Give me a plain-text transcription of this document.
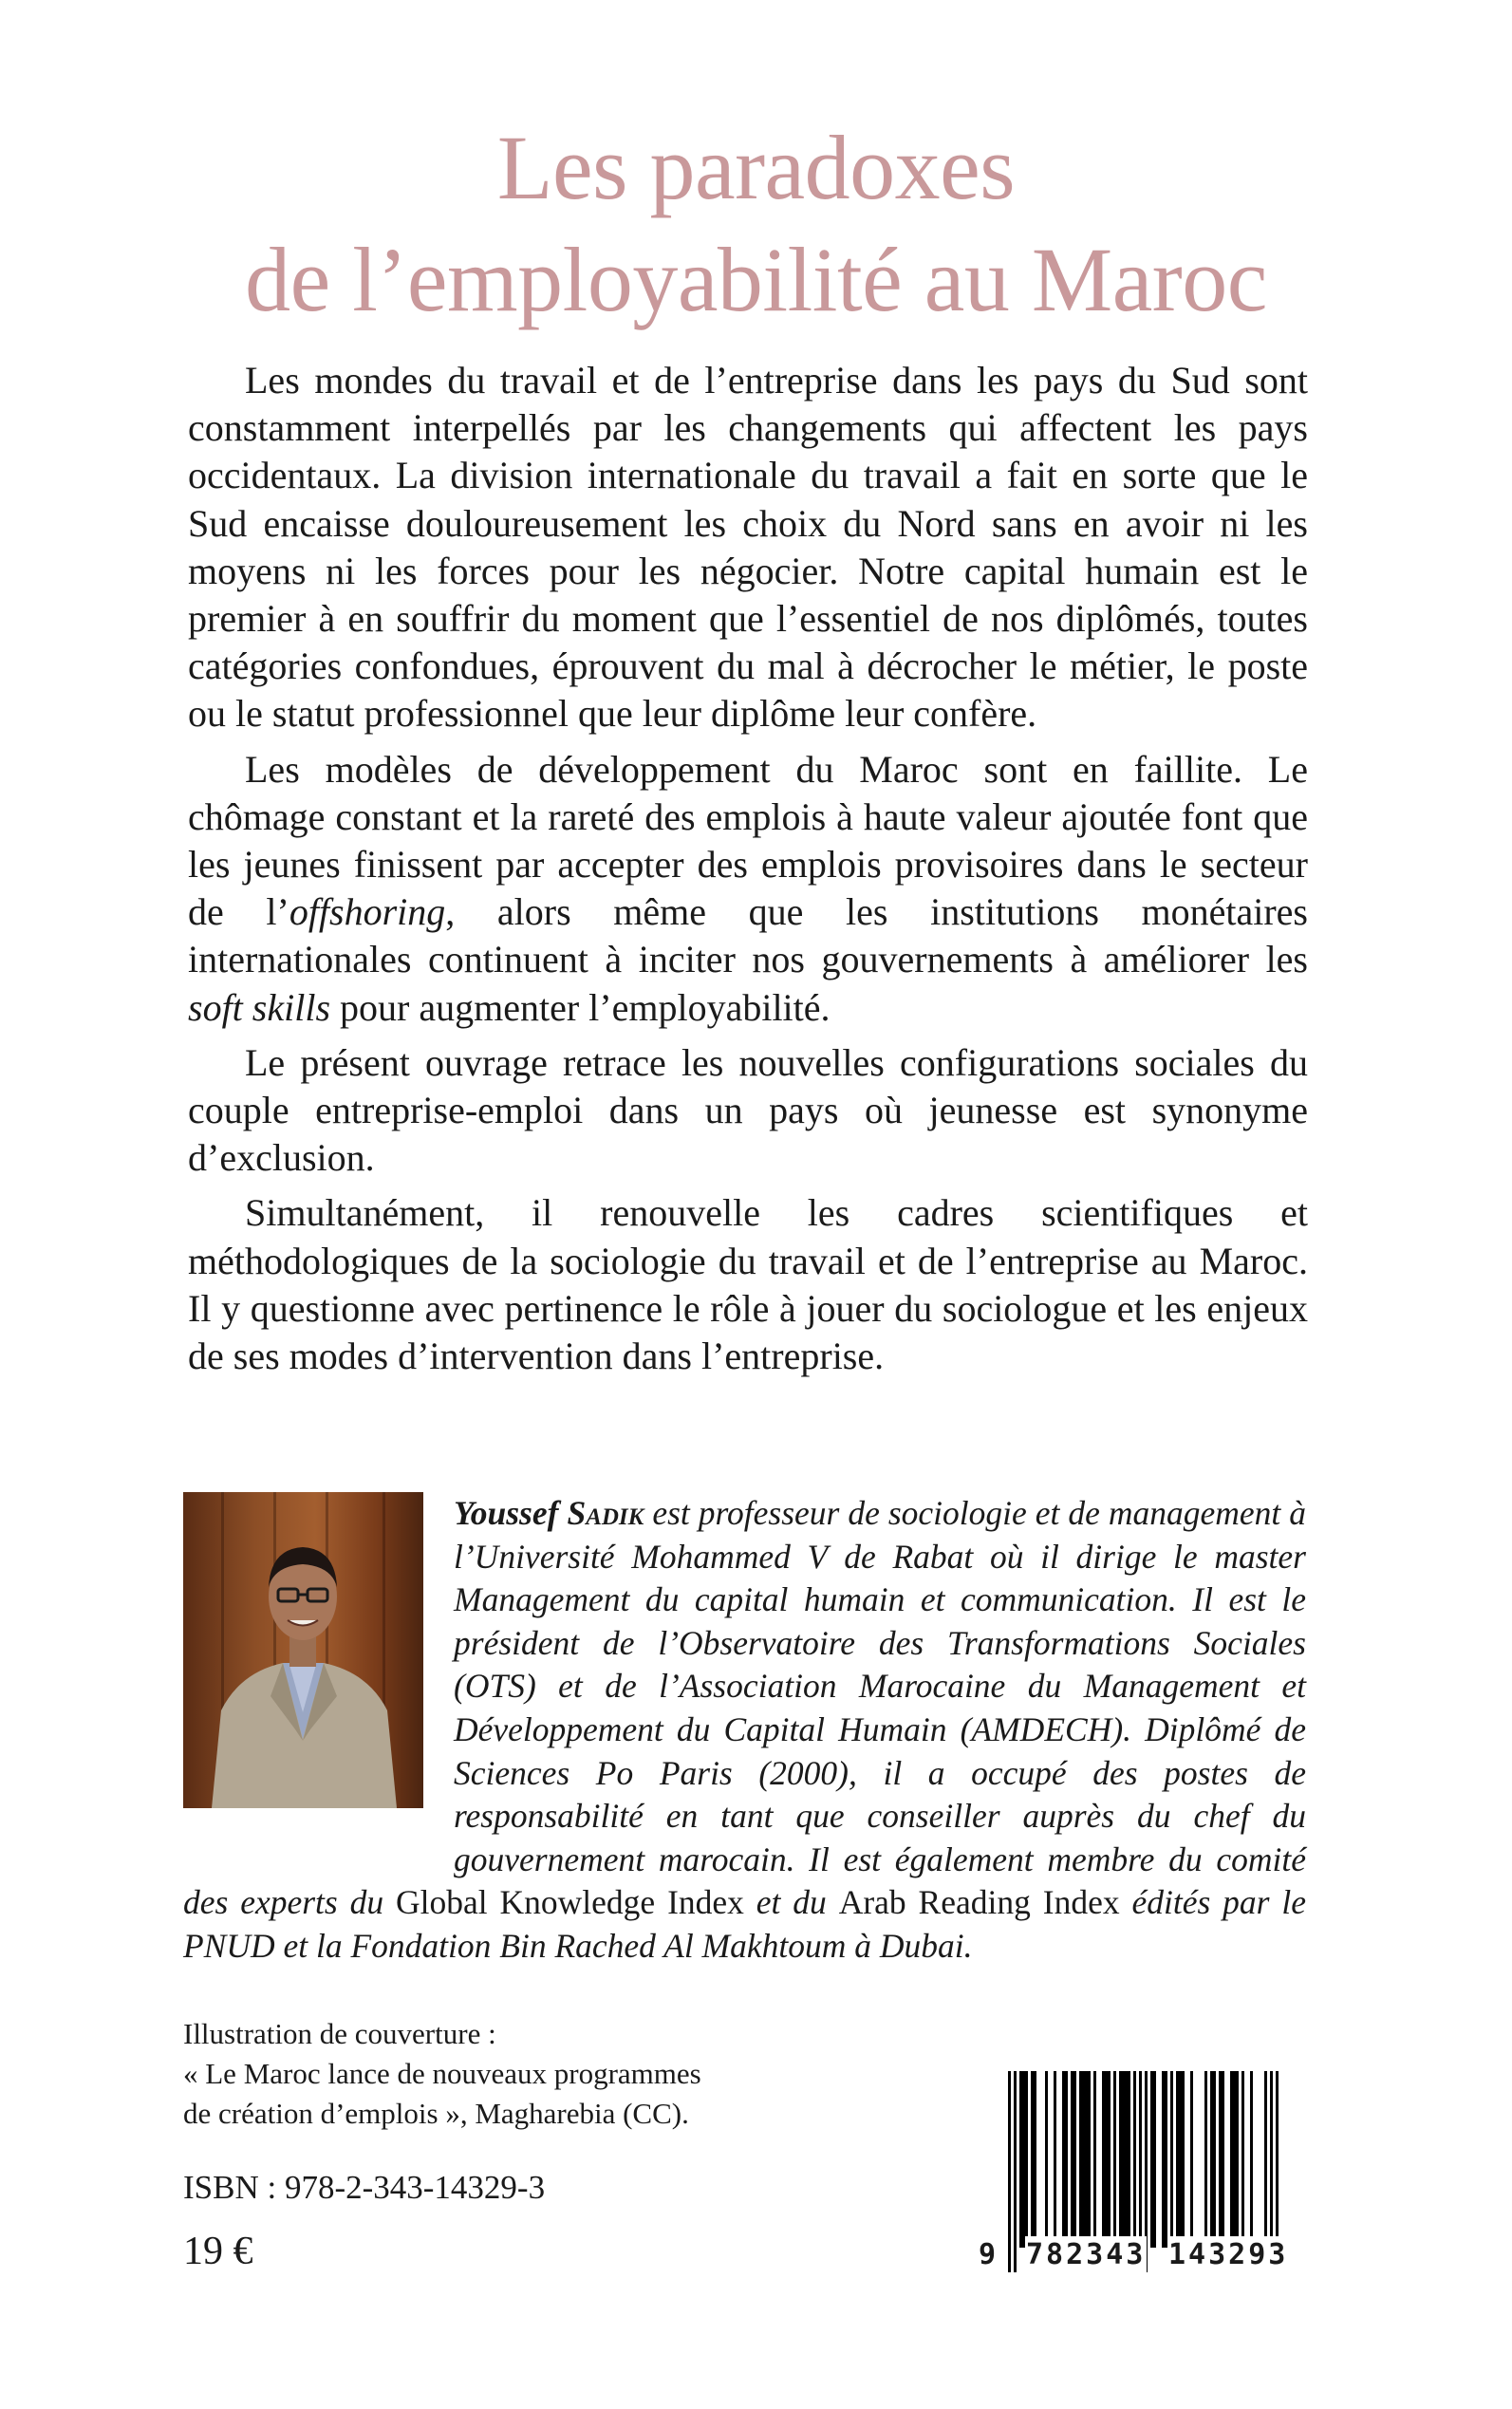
Les paradoxes
de l’employabilité au Maroc

Les mondes du travail et de l’entreprise dans les pays du Sud sont constamment interpellés par les changements qui affectent les pays occidentaux. La division internationale du travail a fait en sorte que le Sud encaisse douloureusement les choix du Nord sans en avoir ni les moyens ni les forces pour les négocier. Notre capital humain est le premier à en souffrir du moment que l’essentiel de nos diplômés, toutes catégories confondues, éprouvent du mal à décrocher le métier, le poste ou le statut professionnel que leur diplôme leur confère.

Les modèles de développement du Maroc sont en faillite. Le chômage constant et la rareté des emplois à haute valeur ajoutée font que les jeunes finissent par accepter des emplois provisoires dans le secteur de l’offshoring, alors même que les institutions monétaires internationales continuent à inciter nos gouvernements à améliorer les soft skills pour augmenter l’employabilité.

Le présent ouvrage retrace les nouvelles configurations sociales du couple entreprise-emploi dans un pays où jeunesse est synonyme d’exclusion.

Simultanément, il renouvelle les cadres scientifiques et méthodologiques de la sociologie du travail et de l’entreprise au Maroc. Il y questionne avec pertinence le rôle à jouer du sociologue et les enjeux de ses modes d’intervention dans l’entreprise.

Youssef Sadik est professeur de sociologie et de management à l’Université Mohammed V de Rabat où il dirige le master Management du capital humain et communication. Il est le président de l’Observatoire des Transformations Sociales (OTS) et de l’Association Marocaine du Management et Développement du Capital Humain (AMDECH). Diplômé de Sciences Po Paris (2000), il a occupé des postes de responsabilité en tant que conseiller auprès du chef du gouvernement marocain. Il est également membre du comité des experts du Global Knowledge Index et du Arab Reading Index édités par le PNUD et la Fondation Bin Rached Al Makhtoum à Dubai.
Illustration de couverture :
« Le Maroc lance de nouveaux programmes
de création d’emplois », Magharebia (CC).
ISBN : 978-2-343-14329-3
19 €	9 782343 143293
